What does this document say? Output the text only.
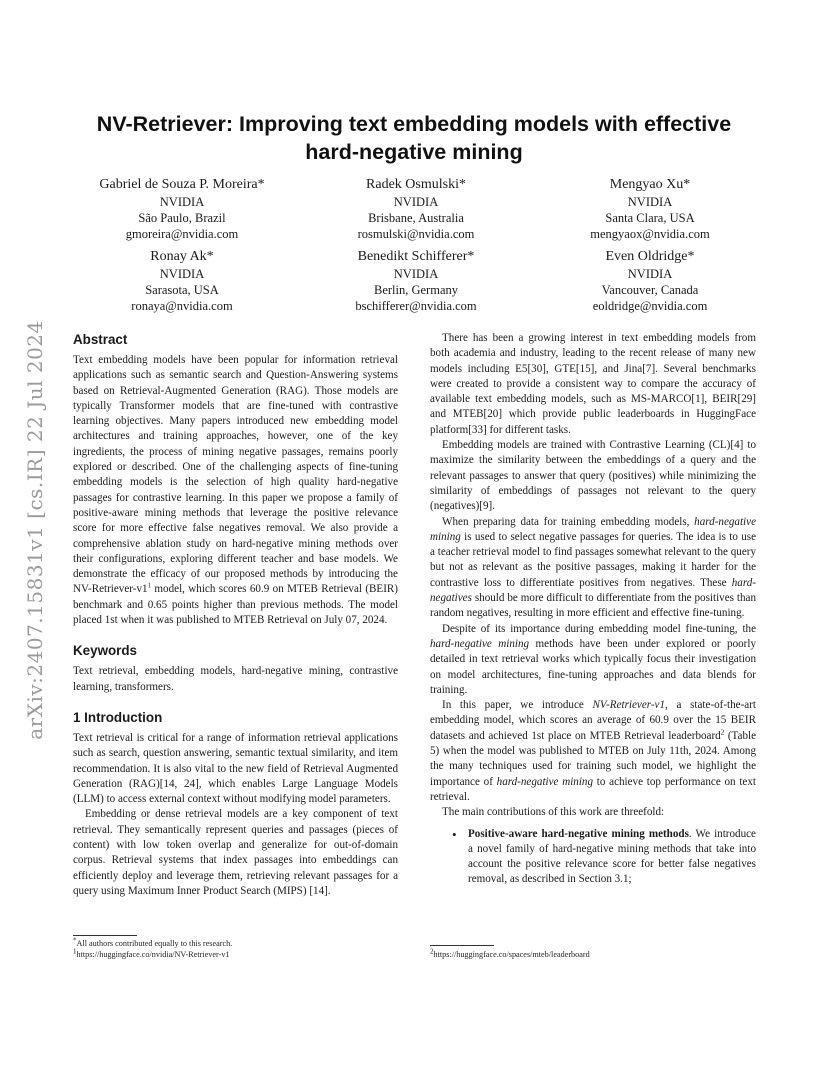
arXiv:2407.15831v1 [cs.IR] 22 Jul 2024
NV-Retriever: Improving text embedding models with effective hard-negative mining
Gabriel de Souza P. Moreira*
NVIDIA
São Paulo, Brazil
gmoreira@nvidia.com
Radek Osmulski*
NVIDIA
Brisbane, Australia
rosmulski@nvidia.com
Mengyao Xu*
NVIDIA
Santa Clara, USA
mengyaox@nvidia.com
Ronay Ak*
NVIDIA
Sarasota, USA
ronaya@nvidia.com
Benedikt Schifferer*
NVIDIA
Berlin, Germany
bschifferer@nvidia.com
Even Oldridge*
NVIDIA
Vancouver, Canada
eoldridge@nvidia.com
Abstract

Text embedding models have been popular for information retrieval applications such as semantic search and Question-Answering systems based on Retrieval-Augmented Generation (RAG). Those models are typically Transformer models that are fine-tuned with contrastive learning objectives. Many papers introduced new embedding model architectures and training approaches, however, one of the key ingredients, the process of mining negative passages, remains poorly explored or described. One of the challenging aspects of fine-tuning embedding models is the selection of high quality hard-negative passages for contrastive learning. In this paper we propose a family of positive-aware mining methods that leverage the positive relevance score for more effective false negatives removal. We also provide a comprehensive ablation study on hard-negative mining methods over their configurations, exploring different teacher and base models. We demonstrate the efficacy of our proposed methods by introducing the $NV-Retriever-v1^1$ model, which scores 60.9 on MTEB Retrieval (BEIR) benchmark and 0.65 points higher than previous methods. The model placed 1st when it was published to MTEB Retrieval on July 07, 2024.

Keywords

Text retrieval, embedding models, hard-negative mining, contrastive learning, transformers.

1 Introduction

Text retrieval is critical for a range of information retrieval applications such as search, question answering, semantic textual similarity, and item recommendation. It is also vital to the new field of Retrieval Augmented Generation (RAG)[14, 24], which enables Large Language Models (LLM) to access external context without modifying model parameters.

Embedding or dense retrieval models are a key component of text retrieval. They semantically represent queries and passages (pieces of content) with low token overlap and generalize for out-of-domain corpus. Retrieval systems that index passages into embeddings can efficiently deploy and leverage them, retrieving relevant passages for a query using Maximum Inner Product Search (MIPS) [14].

There has been a growing interest in text embedding models from both academia and industry, leading to the recent release of many new models including E5[30], GTE[15], and Jina[7]. Several benchmarks were created to provide a consistent way to compare the accuracy of available text embedding models, such as MS-MARCO[1], BEIR[29] and MTEB[20] which provide public leaderboards in HuggingFace platform[33] for different tasks.

Embedding models are trained with Contrastive Learning (CL)[4] to maximize the similarity between the embeddings of a query and the relevant passages to answer that query (positives) while minimizing the similarity of embeddings of passages not relevant to the query (negatives)[9].

When preparing data for training embedding models, hard-negative mining is used to select negative passages for queries. The idea is to use a teacher retrieval model to find passages somewhat relevant to the query but not as relevant as the positive passages, making it harder for the contrastive loss to differentiate positives from negatives. These hard-negatives should be more difficult to differentiate from the positives than random negatives, resulting in more efficient and effective fine-tuning.

Despite of its importance during embedding model fine-tuning, the hard-negative mining methods have been under explored or poorly detailed in text retrieval works which typically focus their investigation on model architectures, fine-tuning approaches and data blends for training.

In this paper, we introduce NV-Retriever-v1, a state-of-the-art embedding model, which scores an average of 60.9 over the 15 BEIR datasets and achieved 1st place on MTEB Retrieval leaderboard$^2$ (Table 5) when the model was published to MTEB on July 11th, 2024. Among the many techniques used for training such model, we highlight the importance of hard-negative mining to achieve top performance on text retrieval.

The main contributions of this work are threefold:

• Positive-aware hard-negative mining methods. We introduce a novel family of hard-negative mining methods that take into account the positive relevance score for better false negatives removal, as described in Section 3.1;
*All authors contributed equally to this research.
$^1$https://huggingface.co/nvidia/NV-Retriever-v1	$^2$https://huggingface.co/spaces/mteb/leaderboard
